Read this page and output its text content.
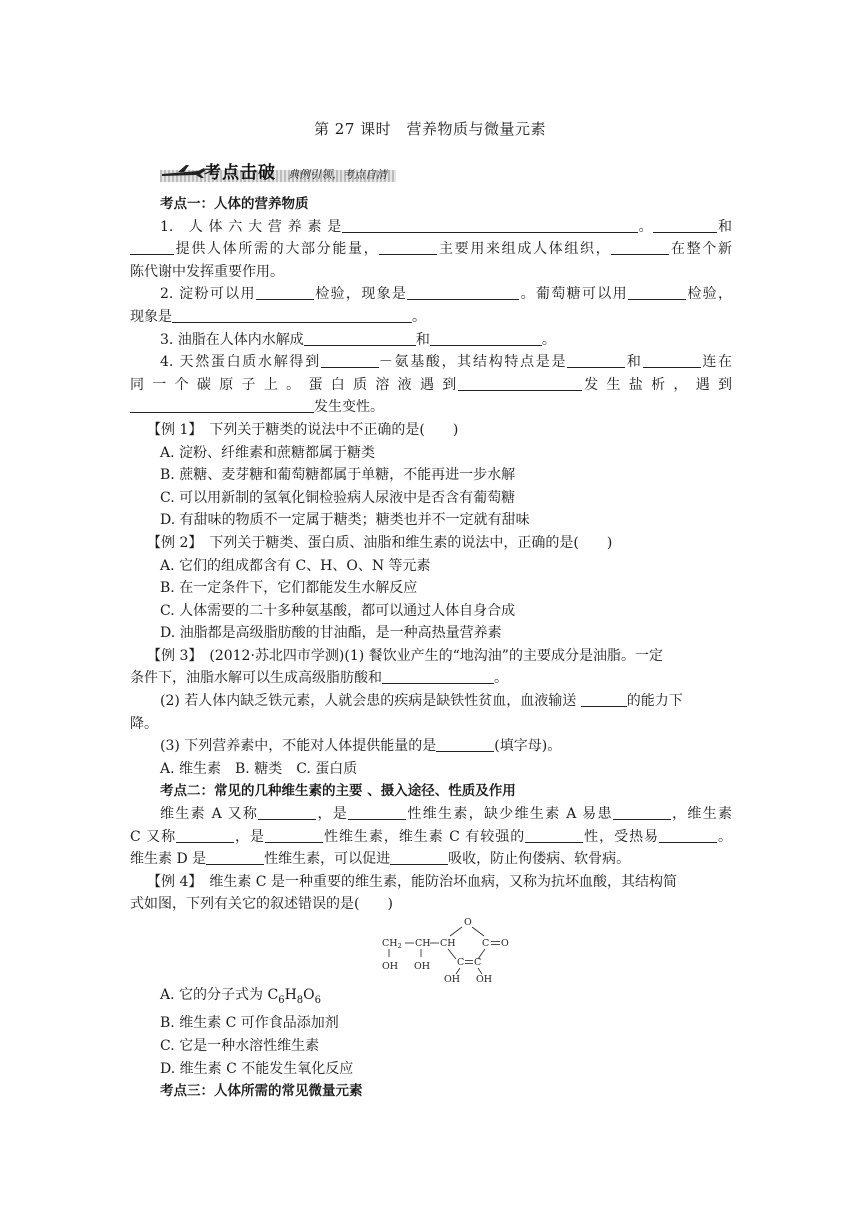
第 27 课时 营养物质与微量元素
考点击破 典例引领，考点自清

考点一：人体的营养物质

1.　人 体 六 大 营 养 素 是	。	和

提供人体所需的大部分能量，	主要用来组成人体组织，	在整个新

陈代谢中发挥重要作用。

2. 淀粉可以用	检验，现象是	。葡萄糖可以用	检验，

现象是	。

3. 油脂在人体内水解成	和	。

4. 天然蛋白质水解得到	－氨基酸，其结构特点是是	和	连在

同 一 个 碳 原 子 上 。 蛋 白 质 溶 液 遇 到	发 生 盐 析 ， 遇 到

发生变性。

【例 1】　 下列关于糖类的说法中不正确的是(　　)

A. 淀粉、纤维素和蔗糖都属于糖类

B. 蔗糖、麦芽糖和葡萄糖都属于单糖，不能再进一步水解

C. 可以用新制的氢氧化铜检验病人尿液中是否含有葡萄糖

D. 有甜味的物质不一定属于糖类；糖类也并不一定就有甜味

【例 2】　 下列关于糖类、蛋白质、油脂和维生素的说法中，正确的是(　　)

A. 它们的组成都含有 C、H、O、N 等元素

B. 在一定条件下，它们都能发生水解反应

C. 人体需要的二十多种氨基酸，都可以通过人体自身合成

D. 油脂都是高级脂肪酸的甘油酯，是一种高热量营养素

【例 3】　 (2012·苏北四市学测)(1) 餐饮业产生的“地沟油”的主要成分是油脂。一定

条件下，油脂水解可以生成高级脂肪酸和	。

(2) 若人体内缺乏铁元素，人就会患的疾病是缺铁性贫血，血液输送	的能力下

降。

(3) 下列营养素中，不能对人体提供能量的是	(填字母)。

A. 维生素　B. 糖类　C. 蛋白质

考点二：常见的几种维生素的主要 、摄入途径、性质及作用

维生素 A 又称	，是	性维生素，缺少维生素 A 易患	，维生素

C 又称	，是	性维生素，维生素 C 有较强的	性，受热易	。

维生素 D 是	性维生素，可以促进	吸收，防止佝偻病、软骨病。

【例 4】　 维生素 C 是一种重要的维生素，能防治坏血病，又称为抗坏血酸，其结构简

式如图，下列有关它的叙述错误的是(　　)

O
$CH_2$ CH CH	C O
C C
OH OH
OH OH

A. 它的分子式为 $C_6H_8O_6$

B. 维生素 C 可作食品添加剂

C. 它是一种水溶性维生素

D. 维生素 C 不能发生氧化反应

考点三：人体所需的常见微量元素
